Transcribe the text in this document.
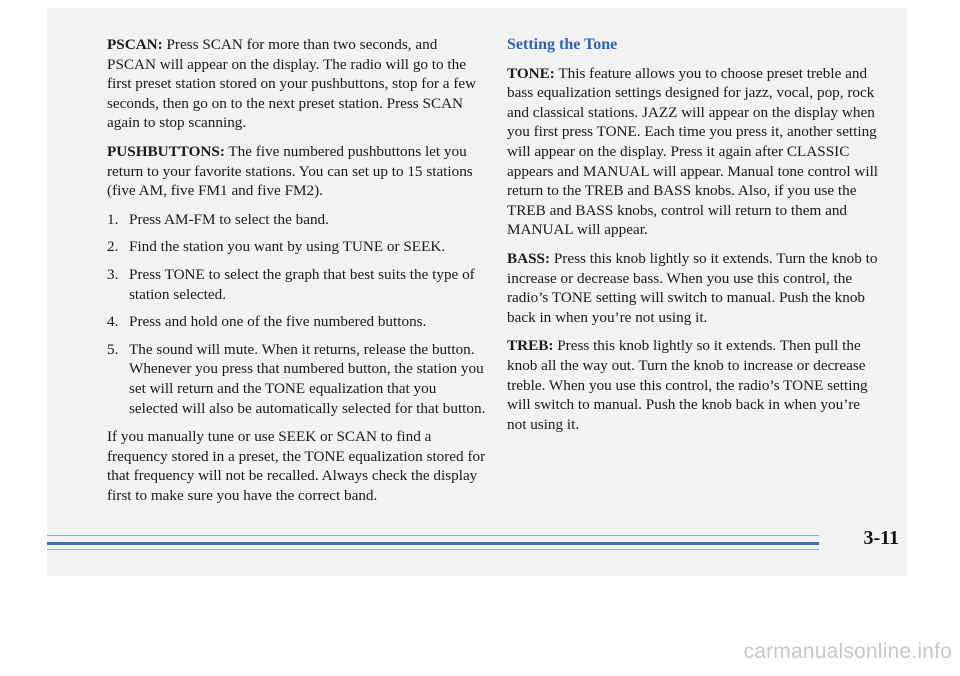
PSCAN: Press SCAN for more than two seconds, and PSCAN will appear on the display. The radio will go to the first preset station stored on your pushbuttons, stop for a few seconds, then go on to the next preset station. Press SCAN again to stop scanning.

PUSHBUTTONS: The five numbered pushbuttons let you return to your favorite stations. You can set up to 15 stations (five AM, five FM1 and five FM2).

1. Press AM-FM to select the band.
2. Find the station you want by using TUNE or SEEK.
3. Press TONE to select the graph that best suits the type of station selected.
4. Press and hold one of the five numbered buttons.
5. The sound will mute. When it returns, release the button. Whenever you press that numbered button, the station you set will return and the TONE equalization that you selected will also be automatically selected for that button.

If you manually tune or use SEEK or SCAN to find a frequency stored in a preset, the TONE equalization stored for that frequency will not be recalled. Always check the display first to make sure you have the correct band.

Setting the Tone

TONE: This feature allows you to choose preset treble and bass equalization settings designed for jazz, vocal, pop, rock and classical stations. JAZZ will appear on the display when you first press TONE. Each time you press it, another setting will appear on the display. Press it again after CLASSIC appears and MANUAL will appear. Manual tone control will return to the TREB and BASS knobs. Also, if you use the TREB and BASS knobs, control will return to them and MANUAL will appear.

BASS: Press this knob lightly so it extends. Turn the knob to increase or decrease bass. When you use this control, the radio’s TONE setting will switch to manual. Push the knob back in when you’re not using it.

TREB: Press this knob lightly so it extends. Then pull the knob all the way out. Turn the knob to increase or decrease treble. When you use this control, the radio’s TONE setting will switch to manual. Push the knob back in when you’re not using it.

3-11
carmanualsonline.info
